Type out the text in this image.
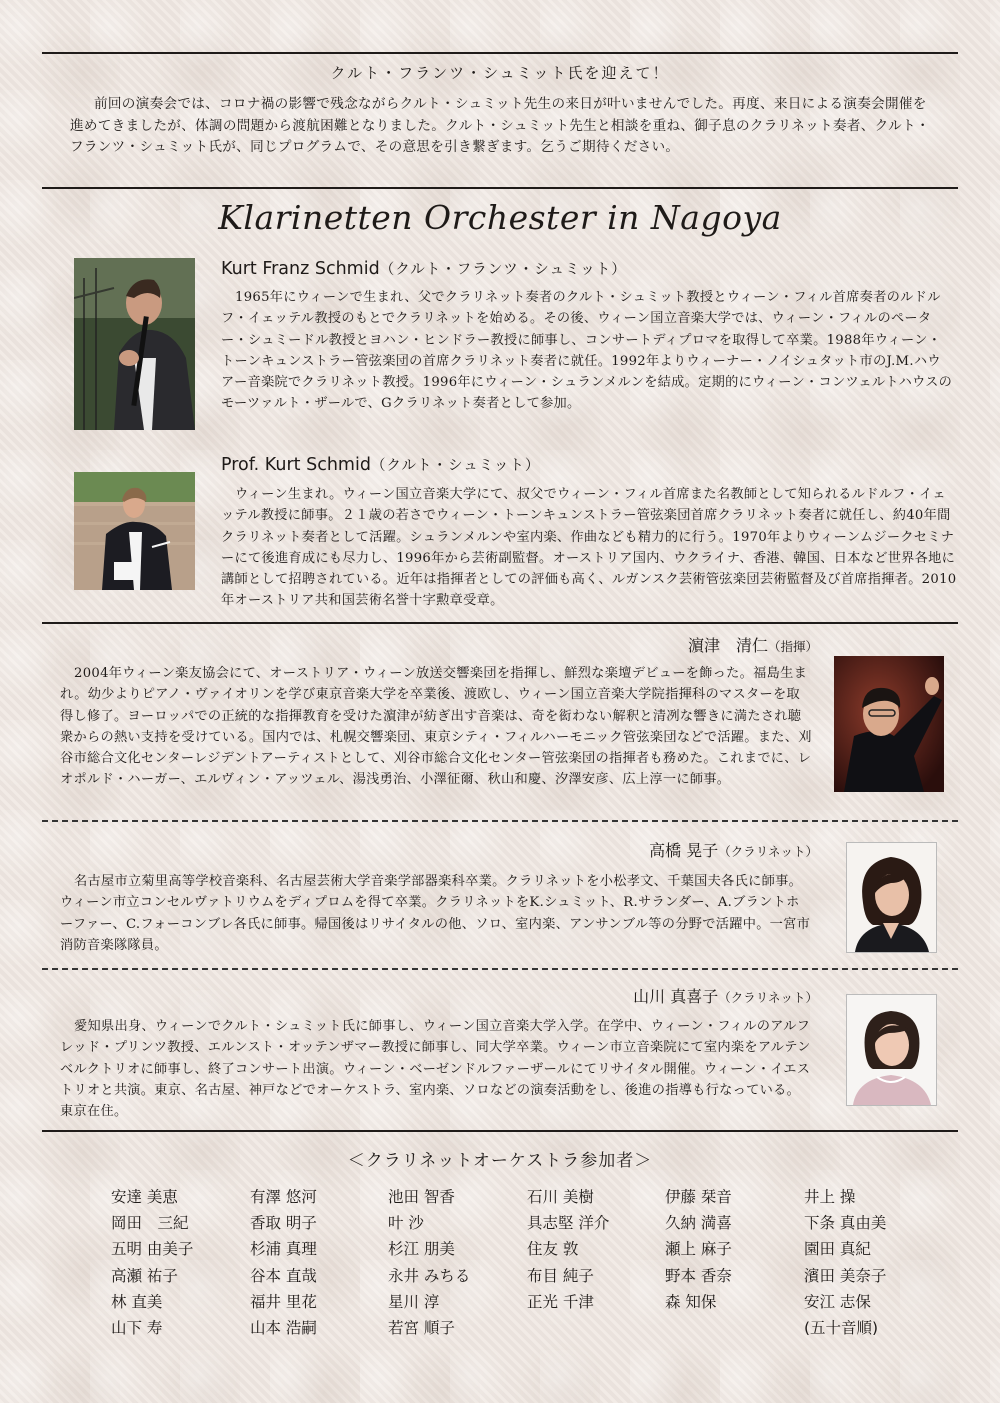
クルト・フランツ・シュミット氏を迎えて！

前回の演奏会では、コロナ禍の影響で残念ながらクルト・シュミット先生の来日が叶いませんでした。再度、来日による演奏会開催を進めてきましたが、体調の問題から渡航困難となりました。クルト・シュミット先生と相談を重ね、御子息のクラリネット奏者、クルト・フランツ・シュミット氏が、同じプログラムで、その意思を引き繋ぎます。乞うご期待ください。

Klarinetten Orchester in Nagoya
Kurt Franz Schmid（クルト・フランツ・シュミット）

1965年にウィーンで生まれ、父でクラリネット奏者のクルト・シュミット教授とウィーン・フィル首席奏者のルドルフ・イェッテル教授のもとでクラリネットを始める。その後、ウィーン国立音楽大学では、ウィーン・フィルのペーター・シュミードル教授とヨハン・ヒンドラー教授に師事し、コンサートディプロマを取得して卒業。1988年ウィーン・トーンキュンストラー管弦楽団の首席クラリネット奏者に就任。1992年よりウィーナー・ノイシュタット市のJ.M.ハウアー音楽院でクラリネット教授。1996年にウィーン・シュランメルンを結成。定期的にウィーン・コンツェルトハウスのモーツァルト・ザールで、Gクラリネット奏者として参加。

Prof. Kurt Schmid（クルト・シュミット）

ウィーン生まれ。ウィーン国立音楽大学にて、叔父でウィーン・フィル首席また名教師として知られるルドルフ・イェッテル教授に師事。２１歳の若さでウィーン・トーンキュンストラー管弦楽団首席クラリネット奏者に就任し、約40年間クラリネット奏者として活躍。シュランメルンや室内楽、作曲なども精力的に行う。1970年よりウィーンムジークセミナーにて後進育成にも尽力し、1996年から芸術副監督。オーストリア国内、ウクライナ、香港、韓国、日本など世界各地に講師として招聘されている。近年は指揮者としての評価も高く、ルガンスク芸術管弦楽団芸術監督及び首席指揮者。2010年オーストリア共和国芸術名誉十字勲章受章。

濵津　清仁（指揮）

2004年ウィーン楽友協会にて、オーストリア・ウィーン放送交響楽団を指揮し、鮮烈な楽壇デビューを飾った。福島生まれ。幼少よりピアノ・ヴァイオリンを学び東京音楽大学を卒業後、渡欧し、ウィーン国立音楽大学院指揮科のマスターを取得し修了。ヨーロッパでの正統的な指揮教育を受けた濵津が紡ぎ出す音楽は、奇を衒わない解釈と清冽な響きに満たされ聴衆からの熱い支持を受けている。国内では、札幌交響楽団、東京シティ・フィルハーモニック管弦楽団などで活躍。また、刈谷市総合文化センターレジデントアーティストとして、刈谷市総合文化センター管弦楽団の指揮者も務めた。これまでに、レオポルド・ハーガー、エルヴィン・アッツェル、湯浅勇治、小澤征爾、秋山和慶、汐澤安彦、広上淳一に師事。

高橋 晃子（クラリネット）

名古屋市立菊里高等学校音楽科、名古屋芸術大学音楽学部器楽科卒業。クラリネットを小松孝文、千葉国夫各氏に師事。ウィーン市立コンセルヴァトリウムをディプロムを得て卒業。クラリネットをK.シュミット、R.サランダー、A.ブラントホーファー、C.フォーコンブレ各氏に師事。帰国後はリサイタルの他、ソロ、室内楽、アンサンブル等の分野で活躍中。一宮市消防音楽隊隊員。

山川 真喜子（クラリネット）

愛知県出身、ウィーンでクルト・シュミット氏に師事し、ウィーン国立音楽大学入学。在学中、ウィーン・フィルのアルフレッド・プリンツ教授、エルンスト・オッテンザマー教授に師事し、同大学卒業。ウィーン市立音楽院にて室内楽をアルテンベルクトリオに師事し、終了コンサート出演。ウィーン・ベーゼンドルファーザールにてリサイタル開催。ウィーン・イエストリオと共演。東京、名古屋、神戸などでオーケストラ、室内楽、ソロなどの演奏活動をし、後進の指導も行なっている。東京在住。

＜クラリネットオーケストラ参加者＞
安達 美恵
岡田　三紀
五明 由美子
高瀬 祐子
林 直美
山下 寿
有澤 悠河
香取 明子
杉浦 真理
谷本 直哉
福井 里花
山本 浩嗣
池田 智香
叶 沙
杉江 朋美
永井 みちる
星川 淳
若宮 順子
石川 美樹
具志堅 洋介
住友 敦
布目 純子
正光 千津
伊藤 栞音
久納 満喜
瀬上 麻子
野本 香奈
森 知保
井上 操
下条 真由美
園田 真紀
濱田 美奈子
安江 志保
(五十音順)
